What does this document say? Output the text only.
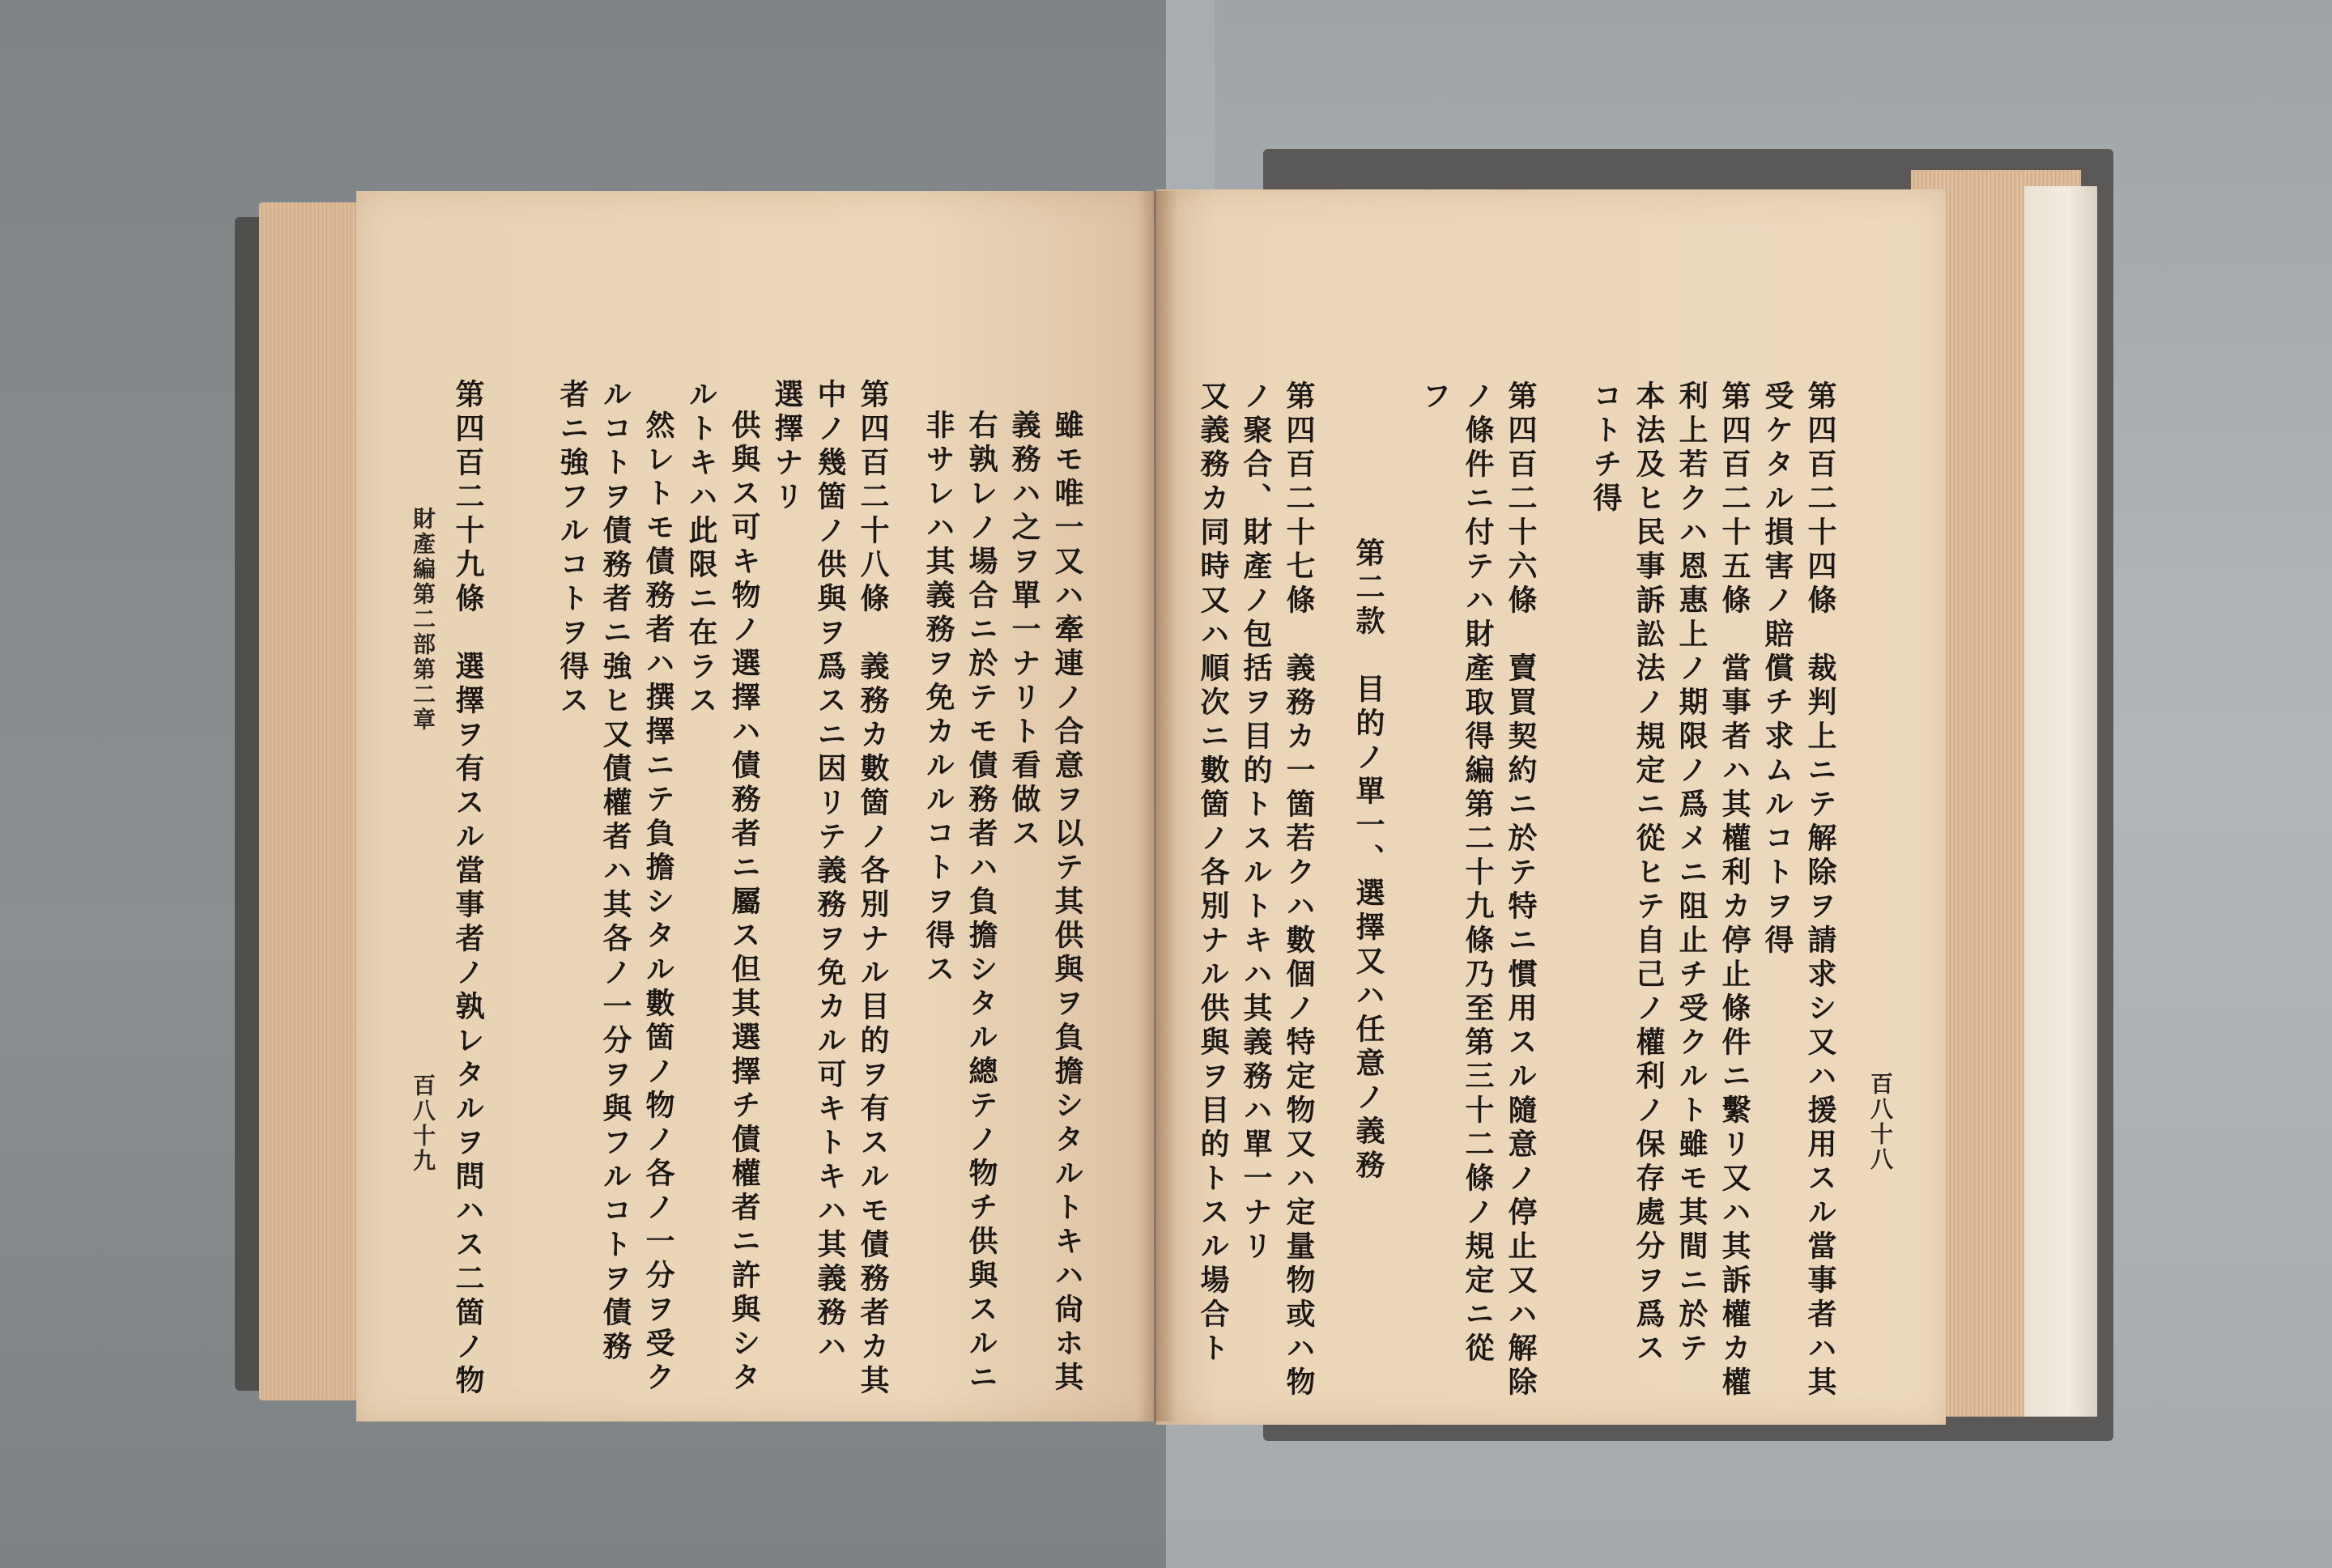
雖モ唯一又ハ牽連ノ合意ヲ以テ其供與ヲ負擔シタルトキハ尙ホ其
義務ハ之ヲ單一ナリト看做ス
右孰レノ場合ニ於テモ債務者ハ負擔シタル總テノ物チ供與スルニ
非サレハ其義務ヲ免カルルコトヲ得ス
第四百二十八條　義務カ數箇ノ各別ナル目的ヲ有スルモ債務者カ其
中ノ幾箇ノ供與ヲ爲スニ因リテ義務ヲ免カル可キトキハ其義務ハ
選擇ナリ
供與ス可キ物ノ選擇ハ債務者ニ屬ス但其選擇チ債權者ニ許與シタ
ルトキハ此限ニ在ラス
然レトモ債務者ハ撰擇ニテ負擔シタル數箇ノ物ノ各ノ一分ヲ受ク
ルコトヲ債務者ニ強ヒ又債權者ハ其各ノ一分ヲ與フルコトヲ債務
者ニ強フルコトヲ得ス
第四百二十九條　選擇ヲ有スル當事者ノ孰レタルヲ問ハス二箇ノ物
財產編第二部第二章
百八十九	百八十八
第四百二十四條　裁判上ニテ解除ヲ請求シ又ハ援用スル當事者ハ其
受ケタル損害ノ賠償チ求ムルコトヲ得
第四百二十五條　當事者ハ其權利カ停止條件ニ繫リ又ハ其訴權カ權
利上若クハ恩惠上ノ期限ノ爲メニ阻止チ受クルト雖モ其間ニ於テ
本法及ヒ民事訴訟法ノ規定ニ從ヒテ自己ノ權利ノ保存處分ヲ爲ス
コトチ得
第四百二十六條　賣買契約ニ於テ特ニ慣用スル隨意ノ停止又ハ解除
ノ條件ニ付テハ財產取得編第二十九條乃至第三十二條ノ規定ニ從
フ
第二款　目的ノ單一、選擇又ハ任意ノ義務
第四百二十七條　義務カ一箇若クハ數個ノ特定物又ハ定量物或ハ物
ノ聚合、財產ノ包括ヲ目的トスルトキハ其義務ハ單一ナリ
又義務カ同時又ハ順次ニ數箇ノ各別ナル供與ヲ目的トスル場合ト
